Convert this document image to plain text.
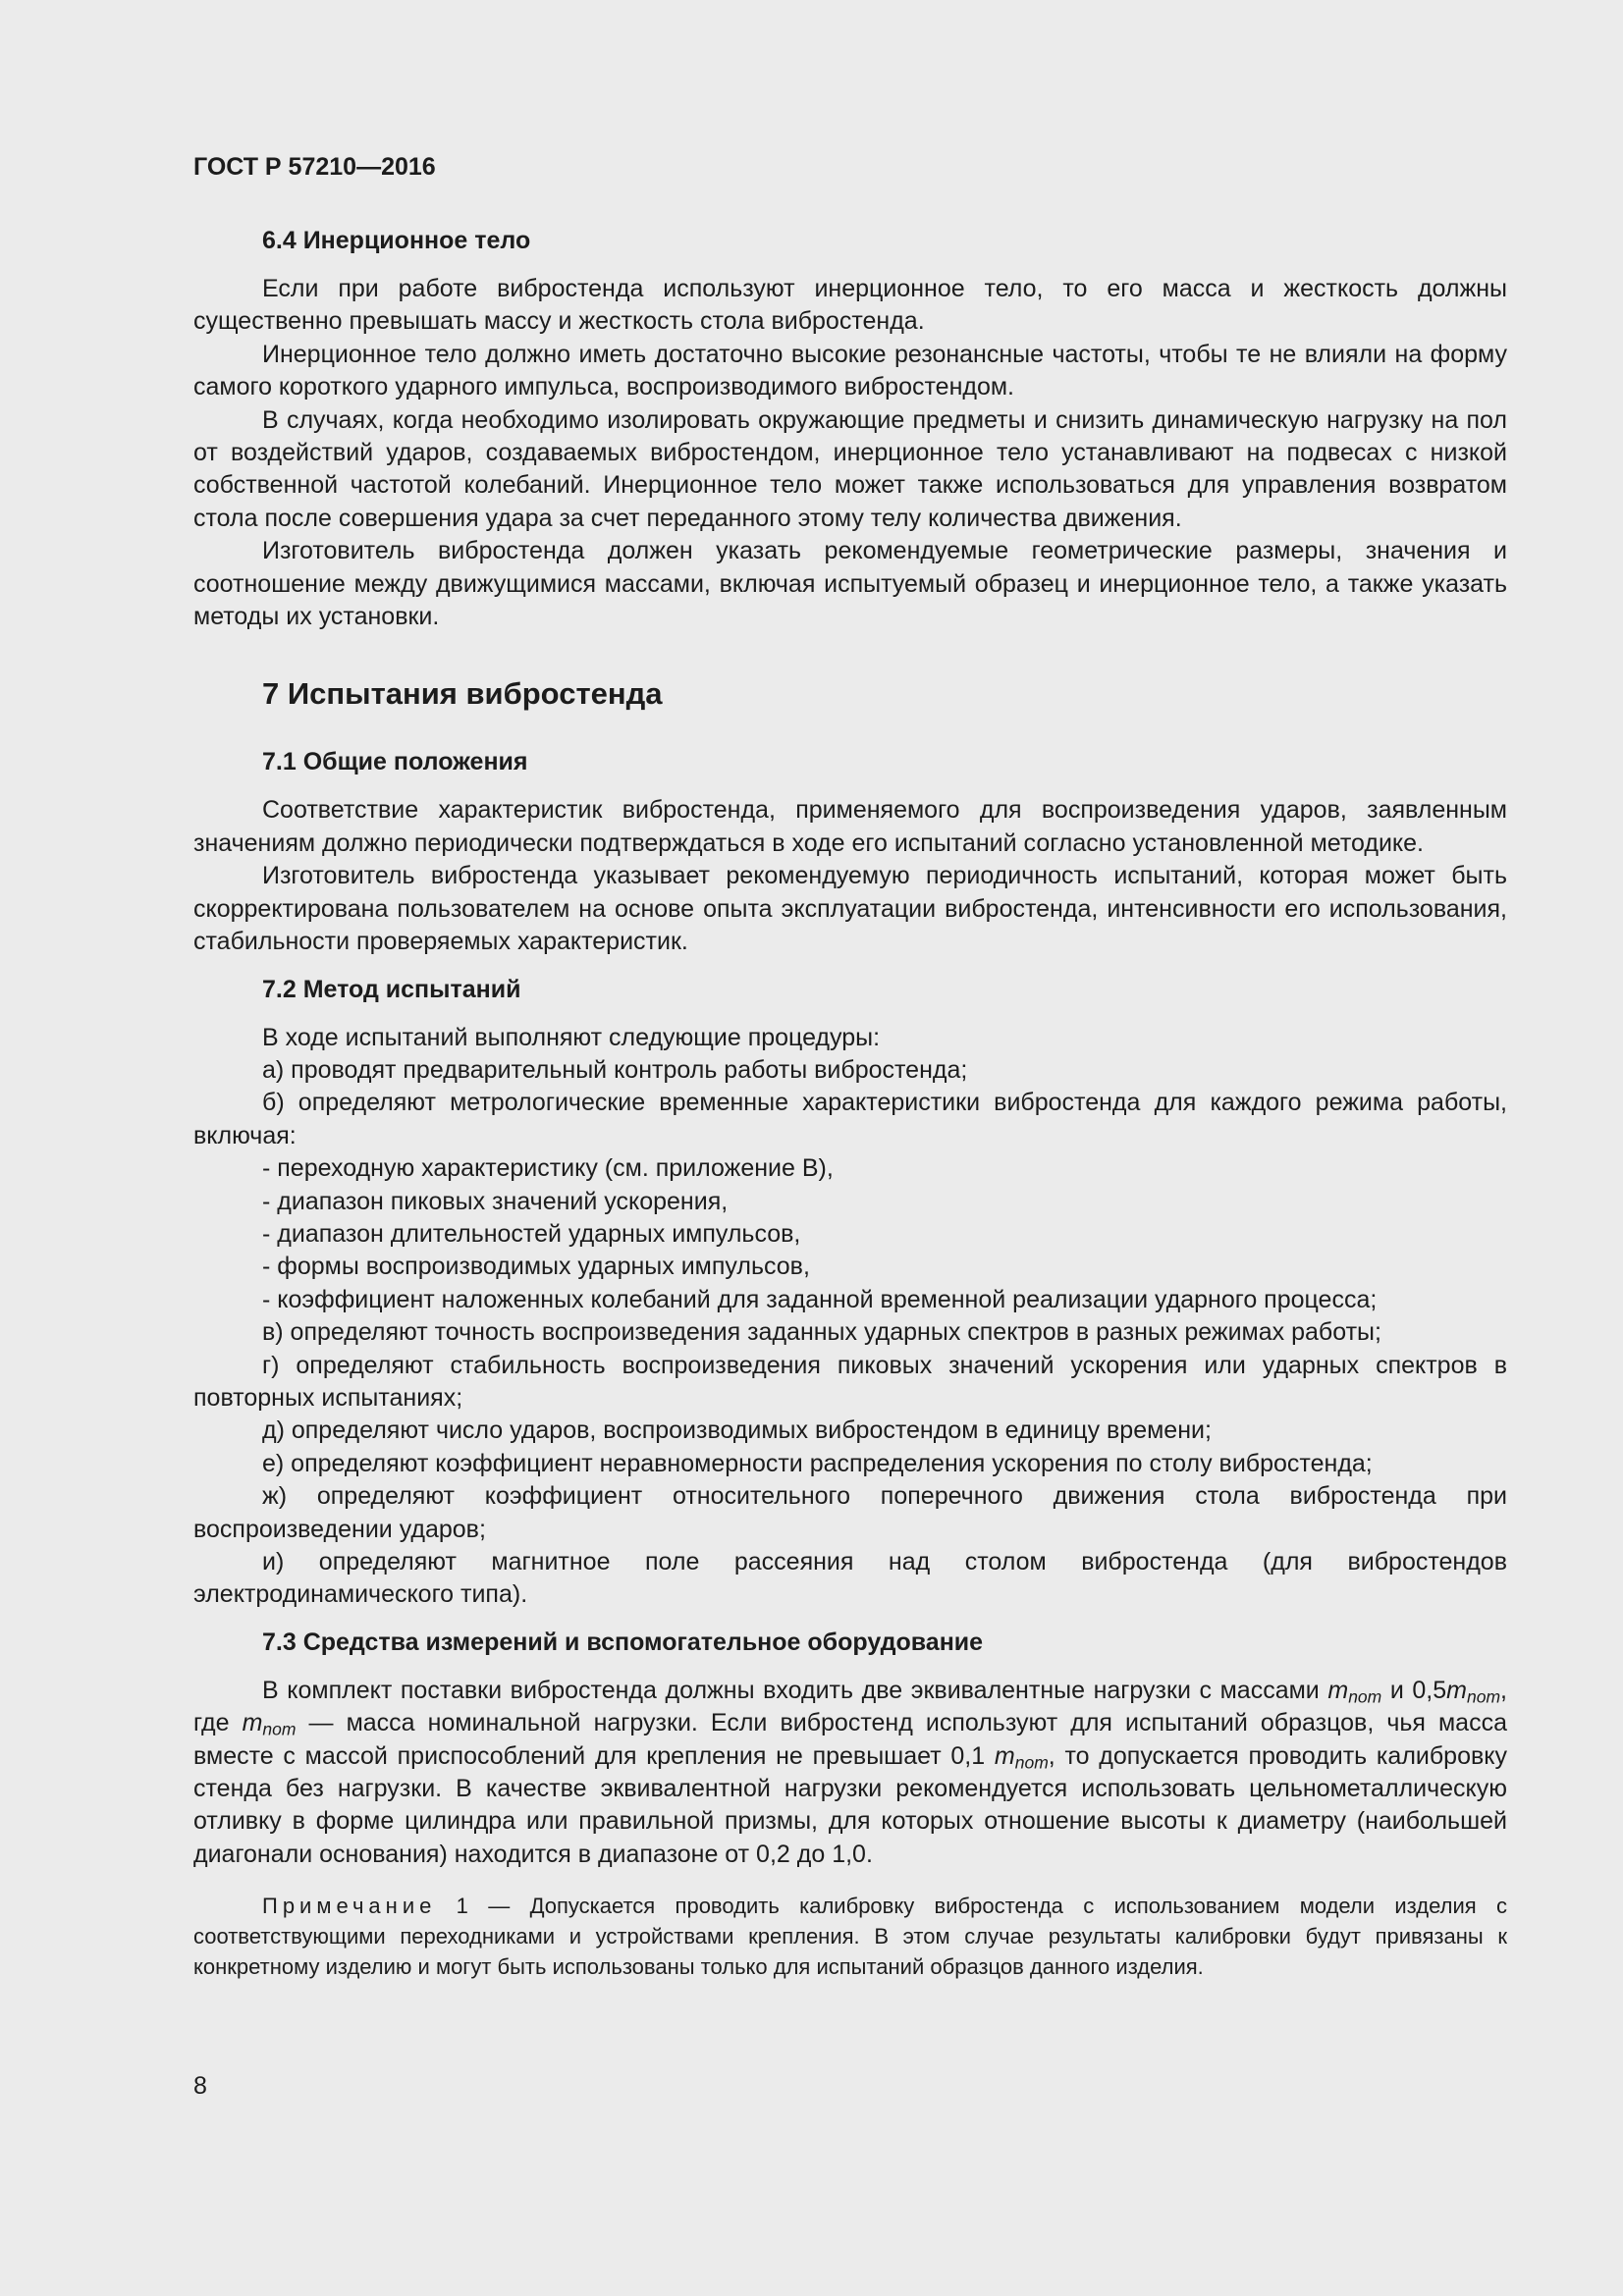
ГОСТ Р 57210—2016
6.4 Инерционное тело

Если при работе вибростенда используют инерционное тело, то его масса и жесткость должны существенно превышать массу и жесткость стола вибростенда.

Инерционное тело должно иметь достаточно высокие резонансные частоты, чтобы те не влияли на форму самого короткого ударного импульса, воспроизводимого вибростендом.

В случаях, когда необходимо изолировать окружающие предметы и снизить динамическую нагрузку на пол от воздействий ударов, создаваемых вибростендом, инерционное тело устанавливают на подвесах с низкой собственной частотой колебаний. Инерционное тело может также использоваться для управления возвратом стола после совершения удара за счет переданного этому телу количества движения.

Изготовитель вибростенда должен указать рекомендуемые геометрические размеры, значения и соотношение между движущимися массами, включая испытуемый образец и инерционное тело, а также указать методы их установки.

7 Испытания вибростенда
7.1 Общие положения

Соответствие характеристик вибростенда, применяемого для воспроизведения ударов, заявленным значениям должно периодически подтверждаться в ходе его испытаний согласно установленной методике.

Изготовитель вибростенда указывает рекомендуемую периодичность испытаний, которая может быть скорректирована пользователем на основе опыта эксплуатации вибростенда, интенсивности его использования, стабильности проверяемых характеристик.

7.2 Метод испытаний

В ходе испытаний выполняют следующие процедуры:

а) проводят предварительный контроль работы вибростенда;
б) определяют метрологические временные характеристики вибростенда для каждого режима работы, включая:
- переходную характеристику (см. приложение В),
- диапазон пиковых значений ускорения,
- диапазон длительностей ударных импульсов,
- формы воспроизводимых ударных импульсов,
- коэффициент наложенных колебаний для заданной временной реализации ударного процесса;
в) определяют точность воспроизведения заданных ударных спектров в разных режимах работы;
г) определяют стабильность воспроизведения пиковых значений ускорения или ударных спектров в повторных испытаниях;
д) определяют число ударов, воспроизводимых вибростендом в единицу времени;
е) определяют коэффициент неравномерности распределения ускорения по столу вибростенда;
ж) определяют коэффициент относительного поперечного движения стола вибростенда при воспроизведении ударов;
и) определяют магнитное поле рассеяния над столом вибростенда (для вибростендов электродинамического типа).
7.3 Средства измерений и вспомогательное оборудование

В комплект поставки вибростенда должны входить две эквивалентные нагрузки с массами $m_{nom}$ и $0,5m_{nom}$, где $m_{nom}$ — масса номинальной нагрузки. Если вибростенд используют для испытаний образцов, чья масса вместе с массой приспособлений для крепления не превышает 0,1 $m_{nom}$, то допускается проводить калибровку стенда без нагрузки. В качестве эквивалентной нагрузки рекомендуется использовать цельнометаллическую отливку в форме цилиндра или правильной призмы, для которых отношение высоты к диаметру (наибольшей диагонали основания) находится в диапазоне от 0,2 до 1,0.

Примечание 1 — Допускается проводить калибровку вибростенда с использованием модели изделия с соответствующими переходниками и устройствами крепления. В этом случае результаты калибровки будут привязаны к конкретному изделию и могут быть использованы только для испытаний образцов данного изделия.
8
